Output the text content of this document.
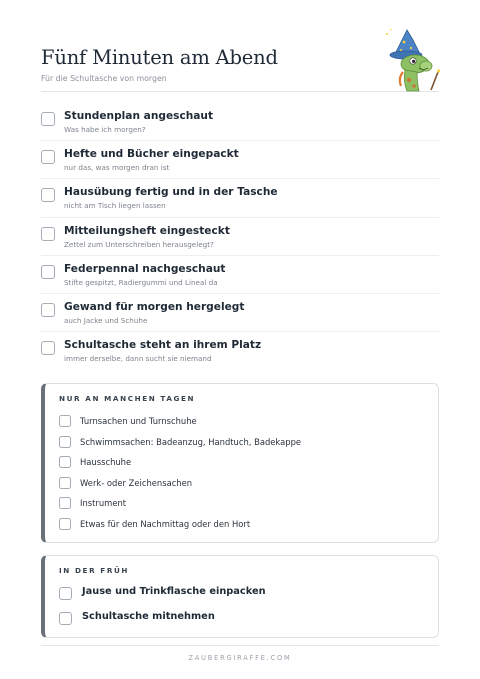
Fünf Minuten am Abend
Für die Schultasche von morgen
Stundenplan angeschaut
Was habe ich morgen?
Hefte und Bücher eingepackt
nur das, was morgen dran ist
Hausübung fertig und in der Tasche
nicht am Tisch liegen lassen
Mitteilungsheft eingesteckt
Zettel zum Unterschreiben herausgelegt?
Federpennal nachgeschaut
Stifte gespitzt, Radiergummi und Lineal da
Gewand für morgen hergelegt
auch Jacke und Schuhe
Schultasche steht an ihrem Platz
immer derselbe, dann sucht sie niemand
NUR AN MANCHEN TAGEN
Turnsachen und Turnschuhe
Schwimmsachen: Badeanzug, Handtuch, Badekappe
Hausschuhe
Werk- oder Zeichensachen
Instrument
Etwas für den Nachmittag oder den Hort
IN DER FRÜH
Jause und Trinkflasche einpacken
Schultasche mitnehmen
ZAUBERGIRAFFE.COM
